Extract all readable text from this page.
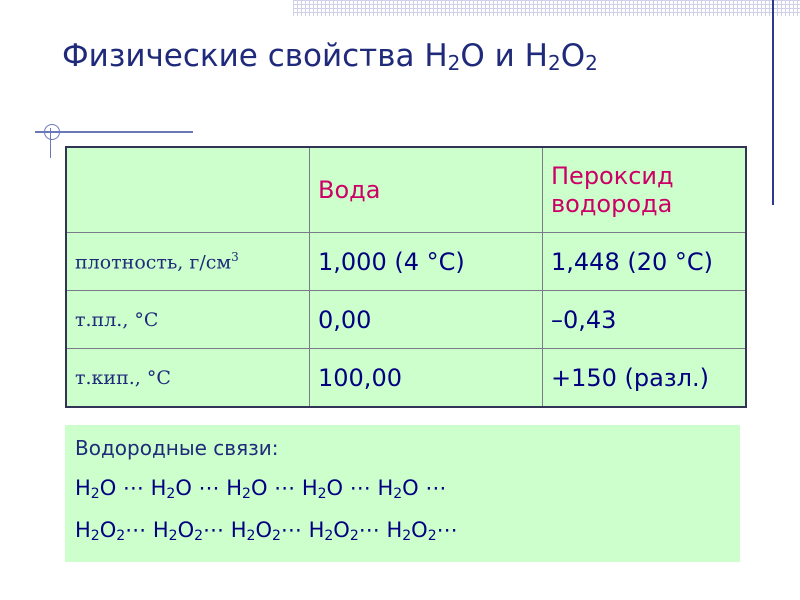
Физические свойства $H_2O$ и $H_2O_2$
	Вода	Пероксид водорода
плотность, $г/см^3$	1,000 (4 °C)	1,448 (20 °C)
т.пл., °C	0,00	–0,43
т.кип., °C	100,00	+150 (разл.)
Водородные связи:
$H_2O$ ⋯ $H_2O$ ⋯ $H_2O$ ⋯ $H_2O$ ⋯ $H_2O$ ⋯
$H_2O_2\cdots$ $H_2O_2\cdots$ $H_2O_2\cdots$ $H_2O_2\cdots$ $H_2O_2\cdots$
